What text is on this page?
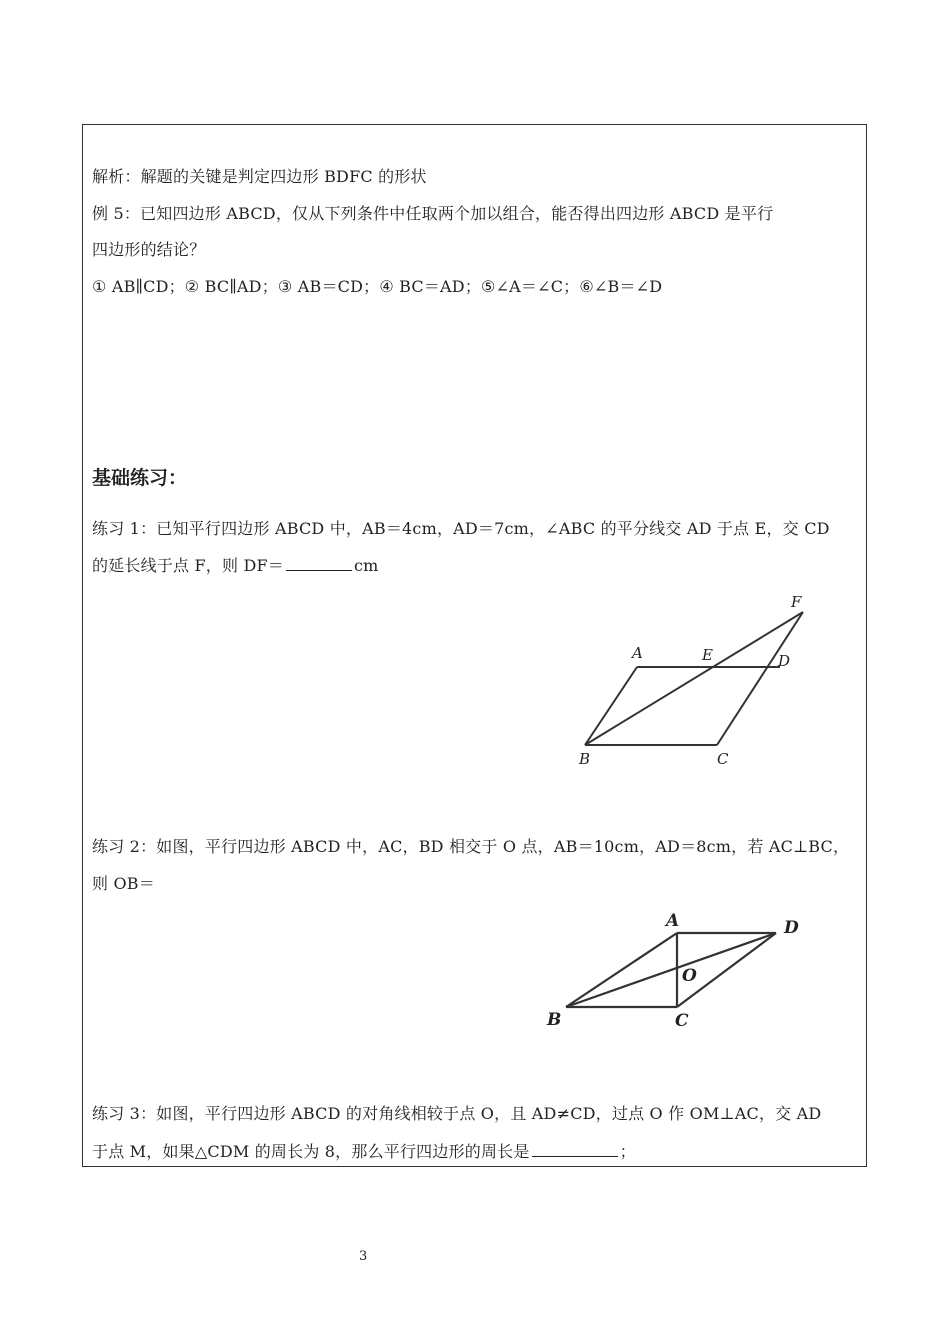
解析：解题的关键是判定四边形 BDFC 的形状
例 5：已知四边形 ABCD，仅从下列条件中任取两个加以组合，能否得出四边形 ABCD 是平行
四边形的结论？
① AB∥CD；② BC∥AD；③ AB＝CD；④ BC＝AD；⑤∠A＝∠C；⑥∠B＝∠D
基础练习：
练习 1：已知平行四边形 ABCD 中，AB＝4cm，AD＝7cm，∠ABC 的平分线交 AD 于点 E，交 CD
的延长线于点 F，则 DF＝	cm
A	E	D
F
B	C
练习 2：如图，平行四边形 ABCD 中，AC，BD 相交于 O 点，AB＝10cm，AD＝8cm，若 AC⊥BC，
则 OB＝
A	D
O
B	C
练习 3：如图，平行四边形 ABCD 的对角线相较于点 O，且 AD≠CD，过点 O 作 OM⊥AC，交 AD
于点 M，如果△CDM 的周长为 8，那么平行四边形的周长是	；
3
